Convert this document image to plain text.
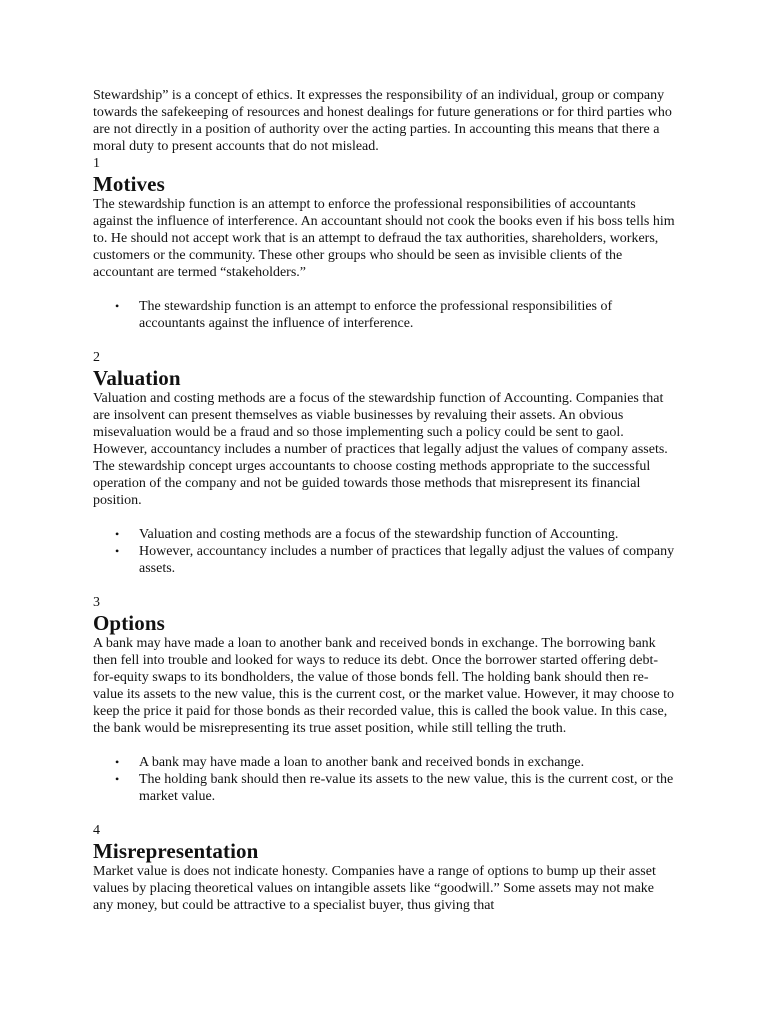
Stewardship” is a concept of ethics. It expresses the responsibility of an individual, group or company towards the safekeeping of resources and honest dealings for future generations or for third parties who are not directly in a position of authority over the acting parties. In accounting this means that there a moral duty to present accounts that do not mislead.

1

Motives

The stewardship function is an attempt to enforce the professional responsibilities of accountants against the influence of interference. An accountant should not cook the books even if his boss tells him to. He should not accept work that is an attempt to defraud the tax authorities, shareholders, workers, customers or the community. These other groups who should be seen as invisible clients of the accountant are termed “stakeholders.”

• The stewardship function is an attempt to enforce the professional responsibilities of accountants against the influence of interference.

2

Valuation

Valuation and costing methods are a focus of the stewardship function of Accounting. Companies that are insolvent can present themselves as viable businesses by revaluing their assets. An obvious misevaluation would be a fraud and so those implementing such a policy could be sent to gaol. However, accountancy includes a number of practices that legally adjust the values of company assets. The stewardship concept urges accountants to choose costing methods appropriate to the successful operation of the company and not be guided towards those methods that misrepresent its financial position.

• Valuation and costing methods are a focus of the stewardship function of Accounting.
• However, accountancy includes a number of practices that legally adjust the values of company assets.

3

Options

A bank may have made a loan to another bank and received bonds in exchange. The borrowing bank then fell into trouble and looked for ways to reduce its debt. Once the borrower started offering debt-for-equity swaps to its bondholders, the value of those bonds fell. The holding bank should then re-value its assets to the new value, this is the current cost, or the market value. However, it may choose to keep the price it paid for those bonds as their recorded value, this is called the book value. In this case, the bank would be misrepresenting its true asset position, while still telling the truth.

• A bank may have made a loan to another bank and received bonds in exchange.
• The holding bank should then re-value its assets to the new value, this is the current cost, or the market value.

4

Misrepresentation

Market value is does not indicate honesty. Companies have a range of options to bump up their asset values by placing theoretical values on intangible assets like “goodwill.” Some assets may not make any money, but could be attractive to a specialist buyer, thus giving that
